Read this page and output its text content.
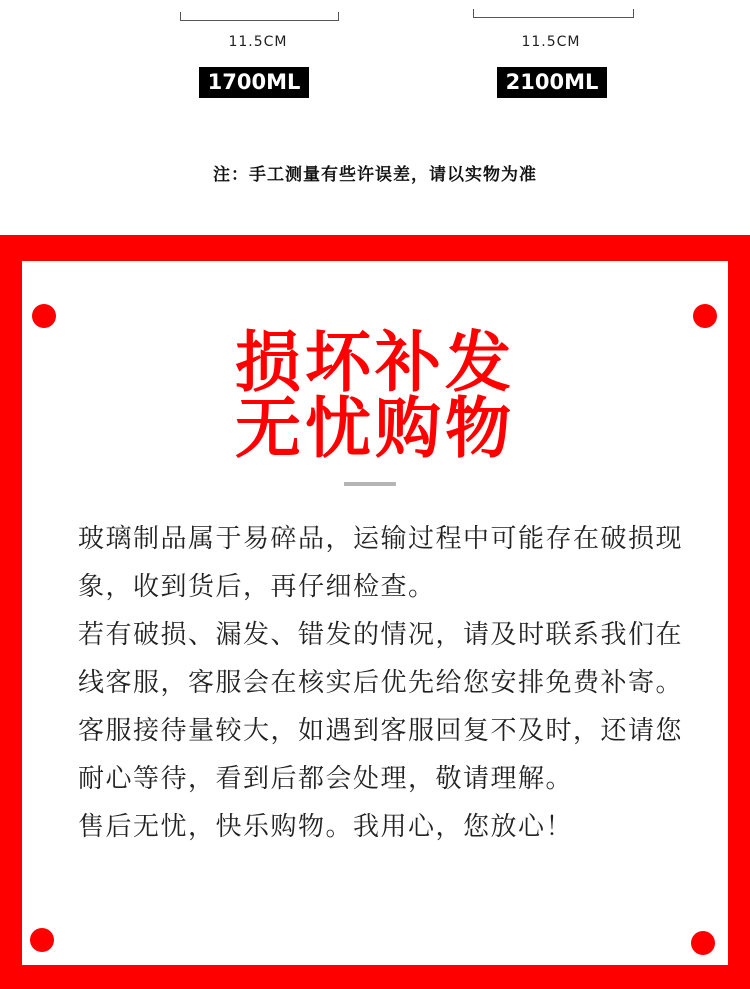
11.5CM	11.5CM
1700ML	2100ML
注：手工测量有些许误差，请以实物为准
损坏补发
无忧购物

玻璃制品属于易碎品，运输过程中可能存在破损现象，收到货后，再仔细检查。

若有破损、漏发、错发的情况，请及时联系我们在线客服，客服会在核实后优先给您安排免费补寄。

客服接待量较大，如遇到客服回复不及时，还请您耐心等待，看到后都会处理，敬请理解。

售后无忧，快乐购物。我用心，您放心！
